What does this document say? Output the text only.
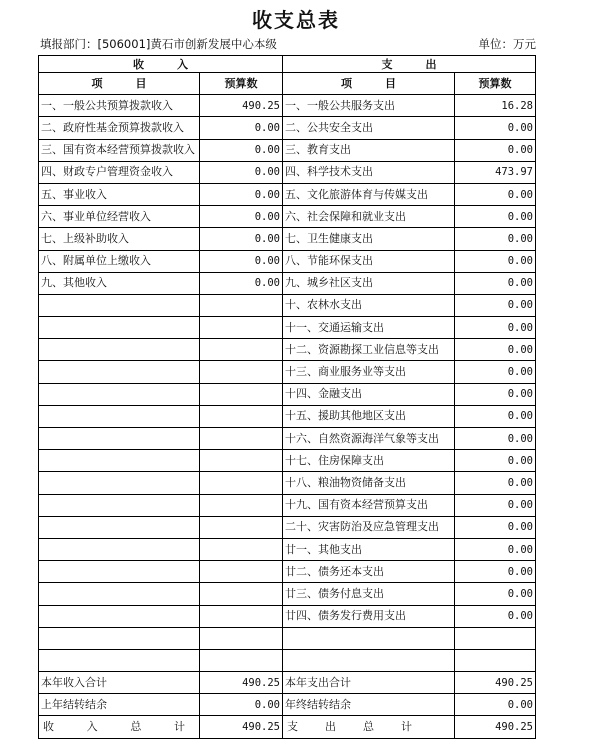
收支总表
填报部门：[506001]黄石市创新发展中心本级	单位：万元
收　　　入		支　　　出	
项　　　目	预算数	项　　　目	预算数
一、一般公共预算拨款收入	490.25	一、一般公共服务支出	16.28
二、政府性基金预算拨款收入	0.00	二、公共安全支出	0.00
三、国有资本经营预算拨款收入	0.00	三、教育支出	0.00
四、财政专户管理资金收入	0.00	四、科学技术支出	473.97
五、事业收入	0.00	五、文化旅游体育与传媒支出	0.00
六、事业单位经营收入	0.00	六、社会保障和就业支出	0.00
七、上级补助收入	0.00	七、卫生健康支出	0.00
八、附属单位上缴收入	0.00	八、节能环保支出	0.00
九、其他收入	0.00	九、城乡社区支出	0.00
		十、农林水支出	0.00
		十一、交通运输支出	0.00
		十二、资源勘探工业信息等支出	0.00
		十三、商业服务业等支出	0.00
		十四、金融支出	0.00
		十五、援助其他地区支出	0.00
		十六、自然资源海洋气象等支出	0.00
		十七、住房保障支出	0.00
		十八、粮油物资储备支出	0.00
		十九、国有资本经营预算支出	0.00
		二十、灾害防治及应急管理支出	0.00
		廿一、其他支出	0.00
		廿二、债务还本支出	0.00
		廿三、债务付息支出	0.00
		廿四、债务发行费用支出	0.00

本年收入合计	490.25	本年支出合计	490.25
上年结转结余	0.00	年终结转结余	0.00

收 入 总 计	490.25	支 出 总 计	490.25
